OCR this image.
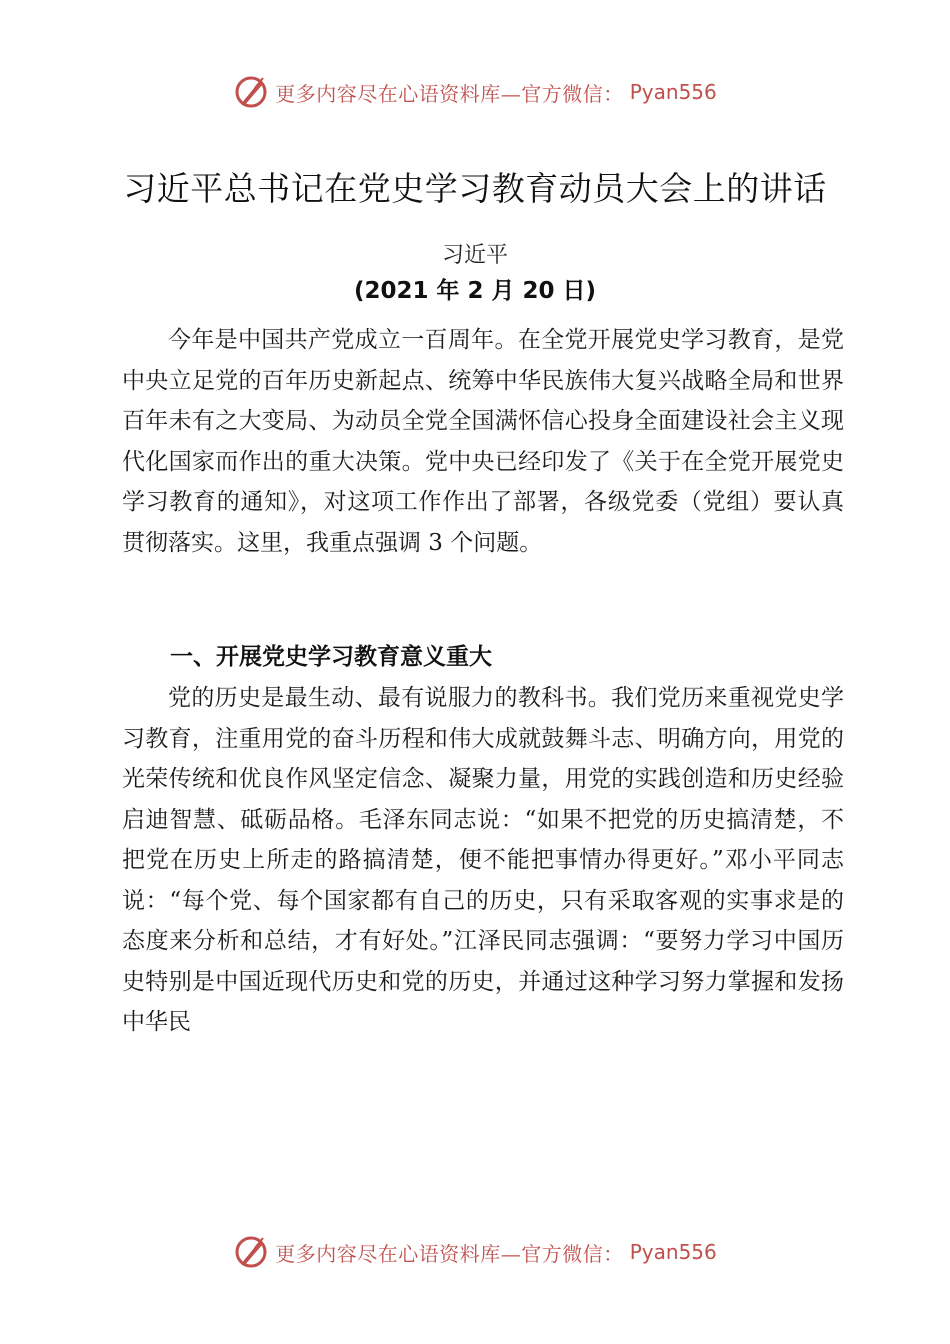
更多内容尽在心语资料库—官方微信： Pyan556
习近平总书记在党史学习教育动员大会上的讲话
习近平
(2021 年 2 月 20 日)
今年是中国共产党成立一百周年。在全党开展党史学习教育，是党中央立足党的百年历史新起点、统筹中华民族伟大复兴战略全局和世界百年未有之大变局、为动员全党全国满怀信心投身全面建设社会主义现代化国家而作出的重大决策。党中央已经印发了《关于在全党开展党史学习教育的通知》，对这项工作作出了部署，各级党委（党组）要认真贯彻落实。这里，我重点强调 3 个问题。
一、开展党史学习教育意义重大
党的历史是最生动、最有说服力的教科书。我们党历来重视党史学习教育，注重用党的奋斗历程和伟大成就鼓舞斗志、明确方向，用党的光荣传统和优良作风坚定信念、凝聚力量，用党的实践创造和历史经验启迪智慧、砥砺品格。毛泽东同志说：“如果不把党的历史搞清楚，不把党在历史上所走的路搞清楚，便不能把事情办得更好。”邓小平同志说：“每个党、每个国家都有自己的历史，只有采取客观的实事求是的态度来分析和总结，才有好处。”江泽民同志强调：“要努力学习中国历史特别是中国近现代历史和党的历史，并通过这种学习努力掌握和发扬中华民
更多内容尽在心语资料库—官方微信： Pyan556
